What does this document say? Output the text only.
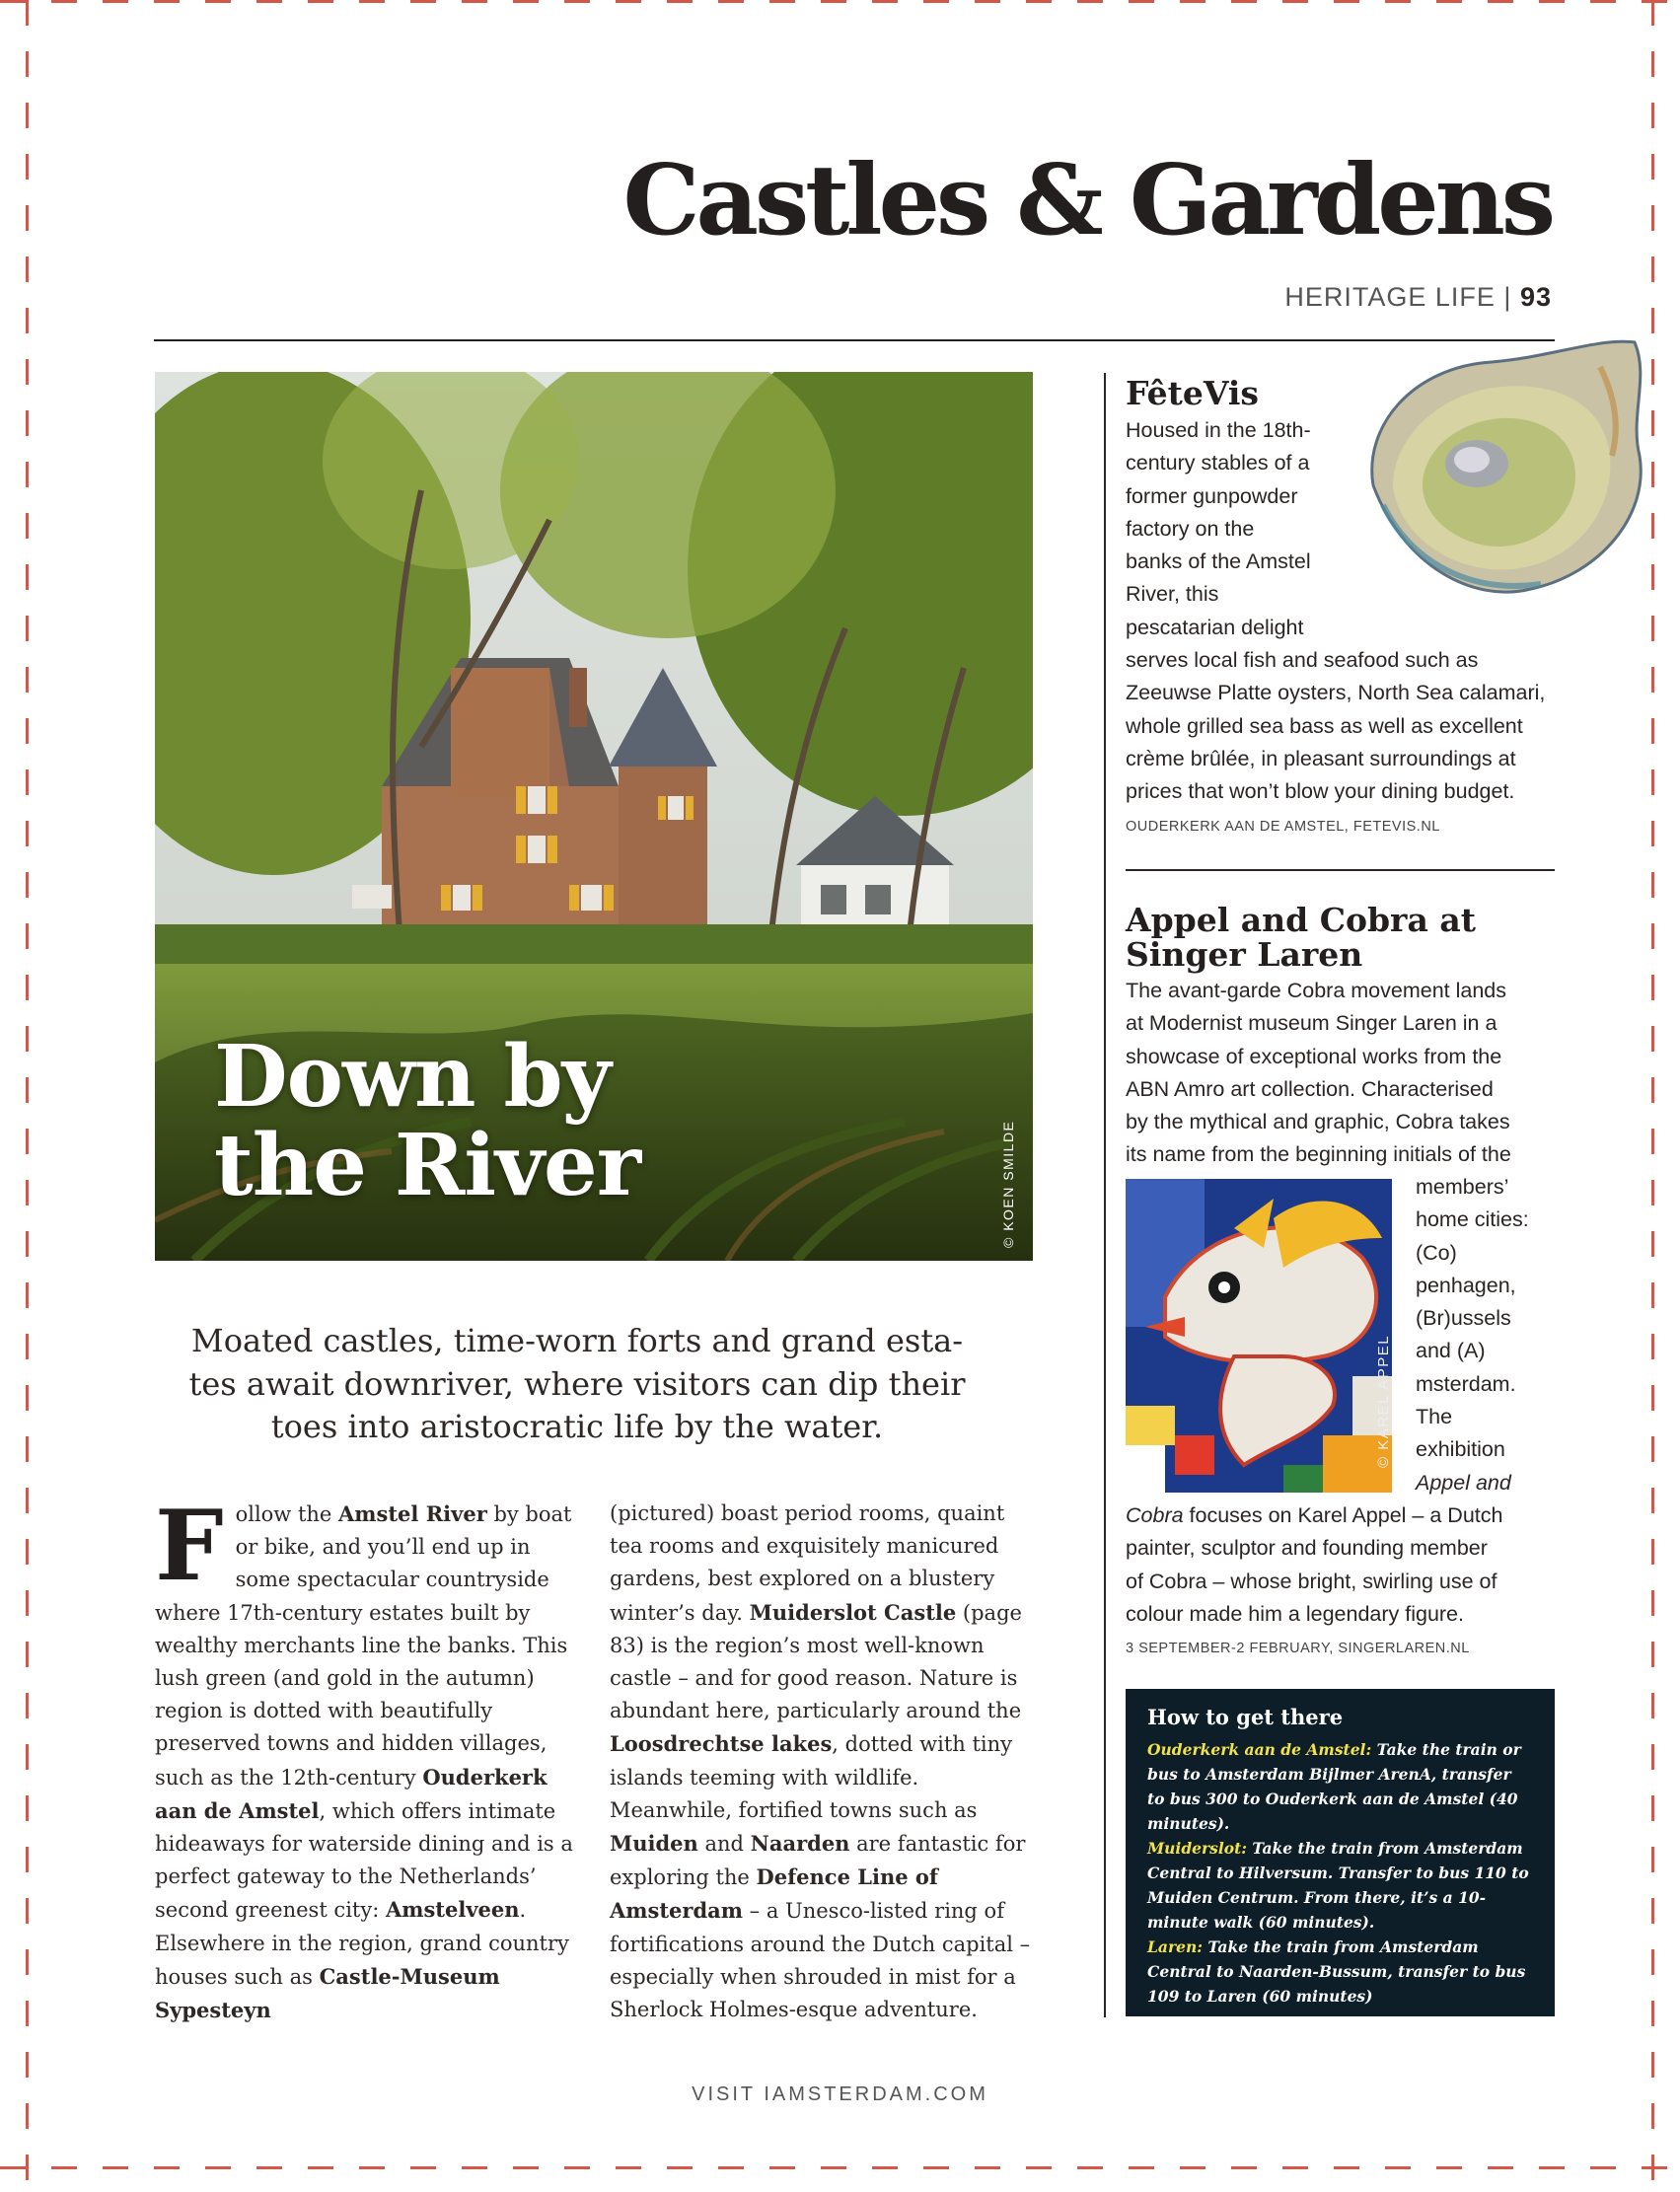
Castles & Gardens
HERITAGE LIFE | 93
Down by
the River	© KOEN SMILDE

Moated castles, time-worn forts and grand esta-tes await downriver, where visitors can dip their toes into aristocratic life by the water.

Follow the Amstel River by boat or bike, and you’ll end up in some spectacular countryside where 17th-century estates built by wealthy merchants line the banks. This lush green (and gold in the autumn) region is dotted with beautifully preserved towns and hidden villages, such as the 12th-century Ouderkerk aan de Amstel, which offers intimate hideaways for waterside dining and is a perfect gateway to the Netherlands’ second greenest city: Amstelveen. Elsewhere in the region, grand country houses such as Castle-Museum Sypesteyn

(pictured) boast period rooms, quaint tea rooms and exquisitely manicured gardens, best explored on a blustery winter’s day. Muiderslot Castle (page 83) is the region’s most well-known castle – and for good reason. Nature is abundant here, particularly around the Loosdrechtse lakes, dotted with tiny islands teeming with wildlife. Meanwhile, fortified towns such as Muiden and Naarden are fantastic for exploring the Defence Line of Amsterdam – a Unesco-listed ring of fortifications around the Dutch capital – especially when shrouded in mist for a Sherlock Holmes-esque adventure.

FêteVis

Housed in the 18th-
century stables of a
former gunpowder
factory on the
banks of the Amstel
River, this
pescatarian delight
serves local fish and seafood such as
Zeeuwse Platte oysters, North Sea calamari,
whole grilled sea bass as well as excellent
crème brûlée, in pleasant surroundings at
prices that won’t blow your dining budget.

OUDERKERK AAN DE AMSTEL, FETEVIS.NL

Appel and Cobra at
Singer Laren

The avant-garde Cobra movement lands
at Modernist museum Singer Laren in a
showcase of exceptional works from the
ABN Amro art collection. Characterised
by the mythical and graphic, Cobra takes
its name from the beginning initials of the

© KAREL APPEL

members’
home cities:
(Co)
penhagen,
(Br)ussels
and (A)
msterdam.
The
exhibition
Appel and

Cobra focuses on Karel Appel – a Dutch
painter, sculptor and founding member
of Cobra – whose bright, swirling use of
colour made him a legendary figure.

3 SEPTEMBER-2 FEBRUARY, SINGERLAREN.NL

How to get there

Ouderkerk aan de Amstel: Take the train or bus to Amsterdam Bijlmer ArenA, transfer to bus 300 to Ouderkerk aan de Amstel (40 minutes).

Muiderslot: Take the train from Amsterdam Central to Hilversum. Transfer to bus 110 to Muiden Centrum. From there, it’s a 10-minute walk (60 minutes).

Laren: Take the train from Amsterdam Central to Naarden-Bussum, transfer to bus 109 to Laren (60 minutes)

VISIT IAMSTERDAM.COM
